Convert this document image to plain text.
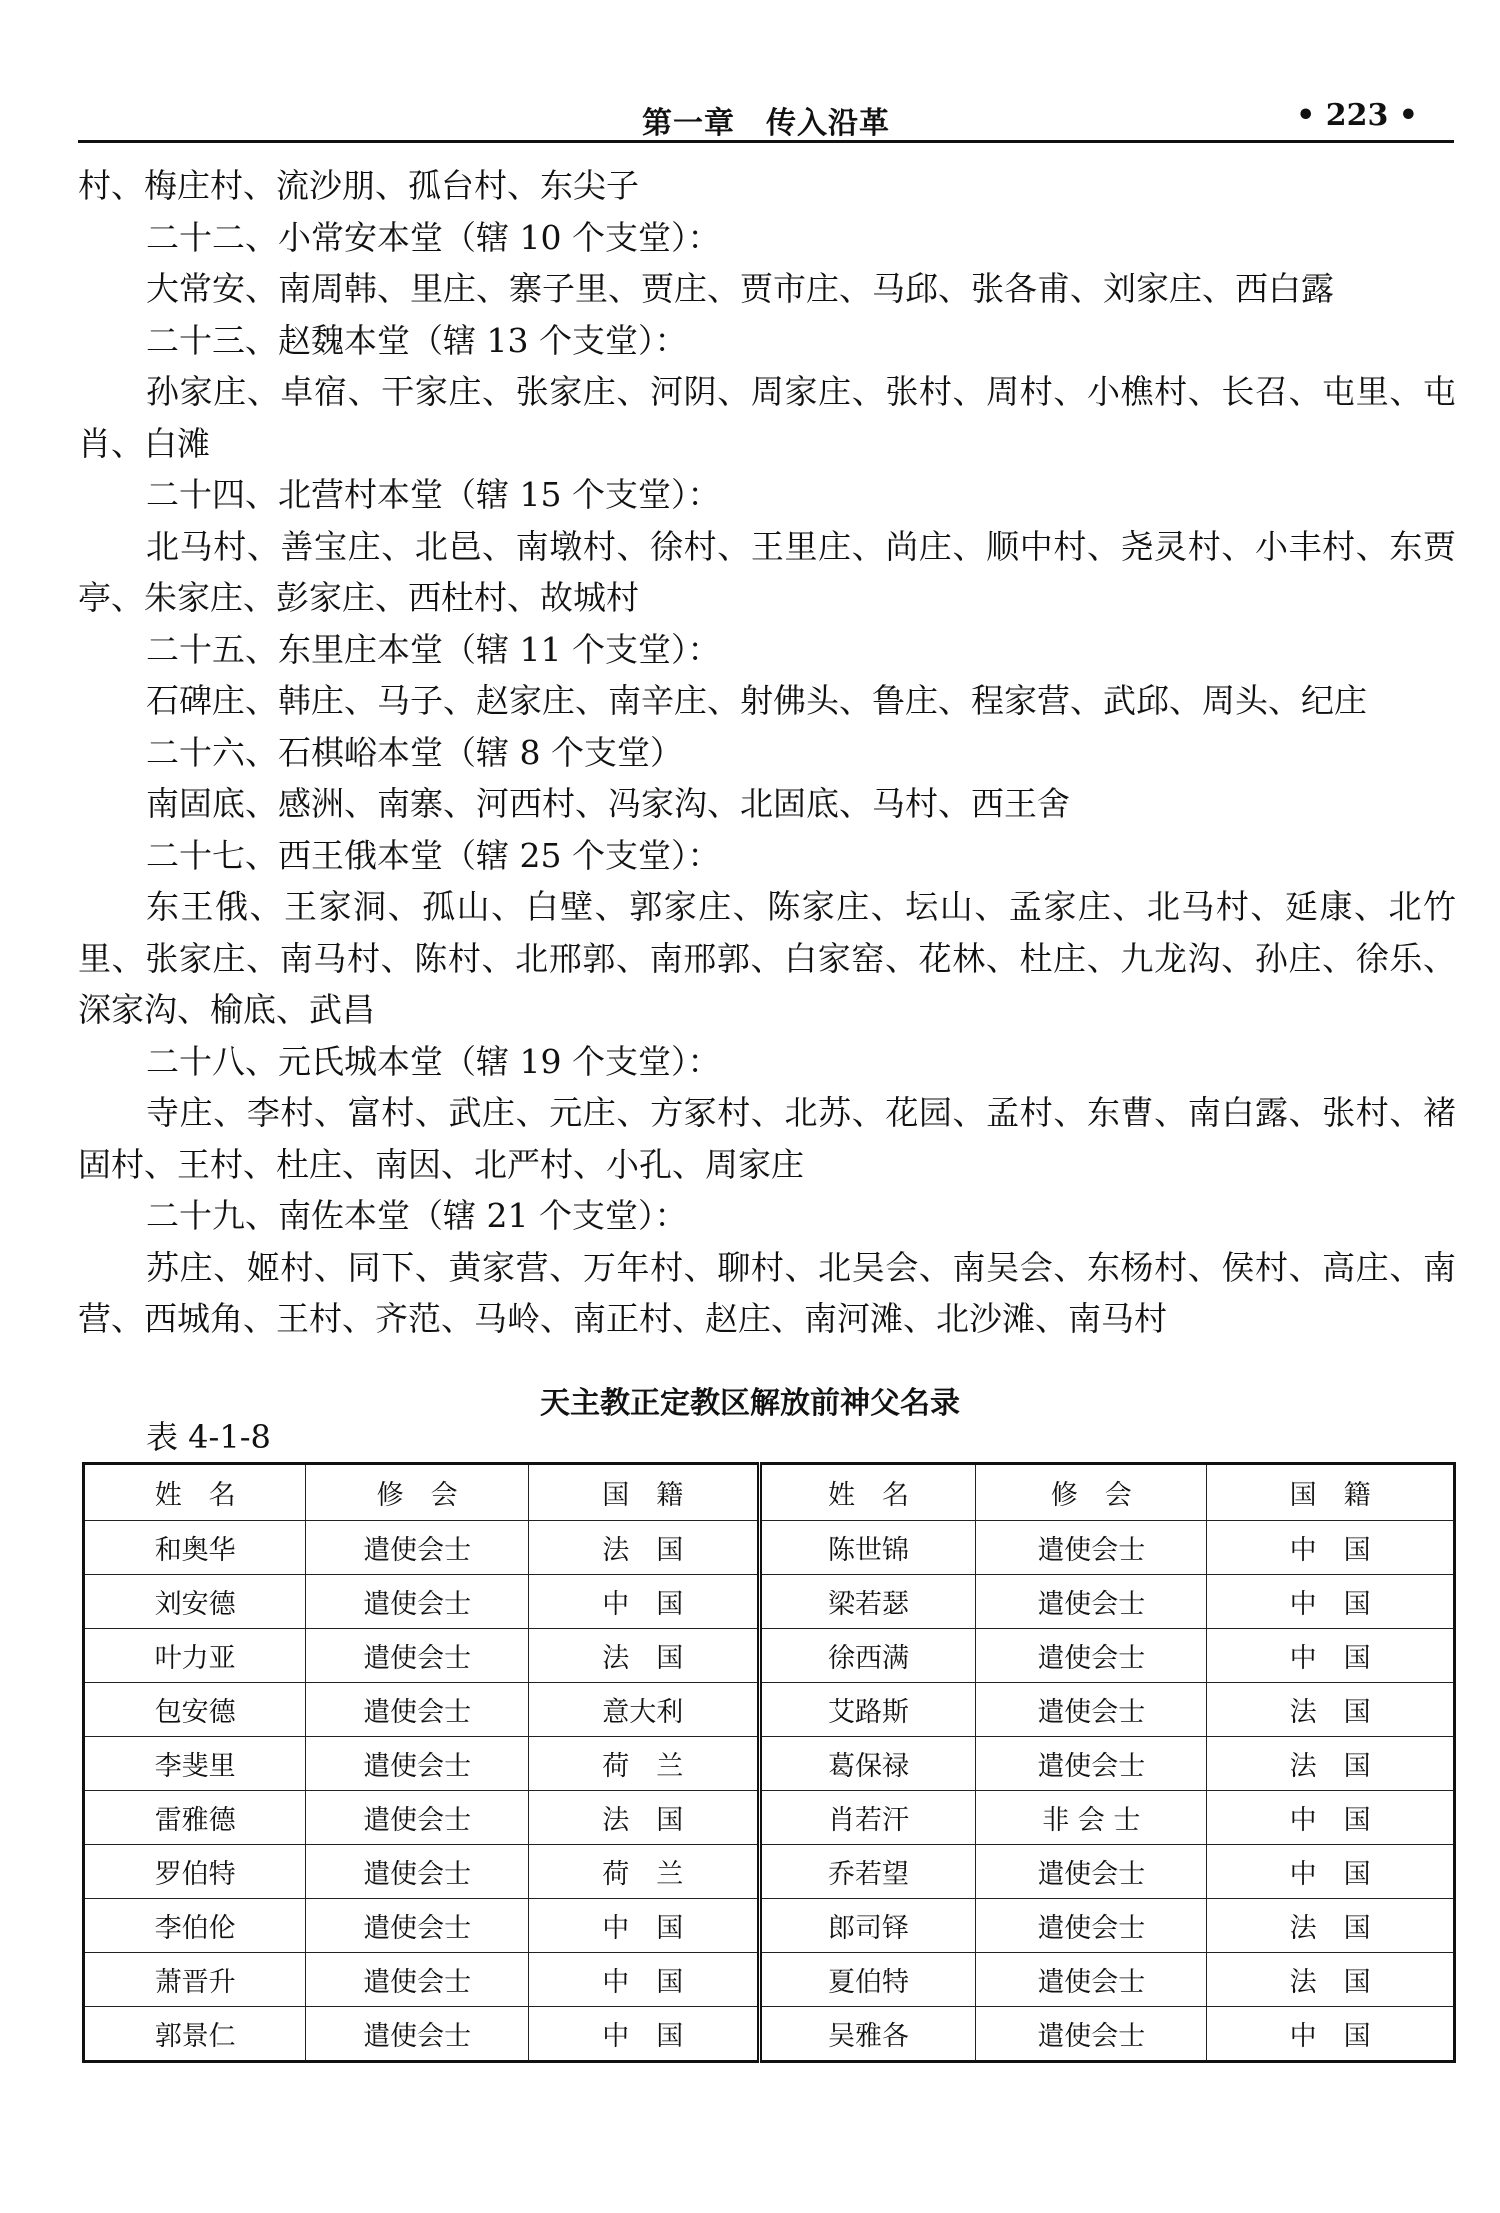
第一章　传入沿革	• 223 •

村、梅庄村、流沙朋、孤台村、东尖子

二十二、小常安本堂（辖 10 个支堂）：

大常安、南周韩、里庄、寨子里、贾庄、贾市庄、马邱、张各甫、刘家庄、西白露

二十三、赵魏本堂（辖 13 个支堂）：

孙家庄、卓宿、干家庄、张家庄、河阴、周家庄、张村、周村、小樵村、长召、屯里、屯肖、白滩

二十四、北营村本堂（辖 15 个支堂）：

北马村、善宝庄、北邑、南墩村、徐村、王里庄、尚庄、顺中村、尧灵村、小丰村、东贾亭、朱家庄、彭家庄、西杜村、故城村

二十五、东里庄本堂（辖 11 个支堂）：

石碑庄、韩庄、马子、赵家庄、南辛庄、射佛头、鲁庄、程家营、武邱、周头、纪庄

二十六、石棋峪本堂（辖 8 个支堂）

南固底、感洲、南寨、河西村、冯家沟、北固底、马村、西王舍

二十七、西王俄本堂（辖 25 个支堂）：

东王俄、王家洞、孤山、白壁、郭家庄、陈家庄、坛山、孟家庄、北马村、延康、北竹里、张家庄、南马村、陈村、北邢郭、南邢郭、白家窑、花林、杜庄、九龙沟、孙庄、徐乐、深家沟、榆底、武昌

二十八、元氏城本堂（辖 19 个支堂）：

寺庄、李村、富村、武庄、元庄、方冢村、北苏、花园、孟村、东曹、南白露、张村、褚固村、王村、杜庄、南因、北严村、小孔、周家庄

二十九、南佐本堂（辖 21 个支堂）：

苏庄、姬村、同下、黄家营、万年村、聊村、北吴会、南吴会、东杨村、侯村、高庄、南营、西城角、王村、齐范、马岭、南正村、赵庄、南河滩、北沙滩、南马村

天主教正定教区解放前神父名录
表 4-1-8
姓　名	修　会	国　籍	姓　名	修　会	国　籍
和奥华	遣使会士	法　国	陈世锦	遣使会士	中　国
刘安德	遣使会士	中　国	梁若瑟	遣使会士	中　国
叶力亚	遣使会士	法　国	徐西满	遣使会士	中　国
包安德	遣使会士	意大利	艾路斯	遣使会士	法　国
李斐里	遣使会士	荷　兰	葛保禄	遣使会士	法　国
雷雅德	遣使会士	法　国	肖若汗	非 会 士	中　国
罗伯特	遣使会士	荷　兰	乔若望	遣使会士	中　国
李伯伦	遣使会士	中　国	郎司铎	遣使会士	法　国
萧晋升	遣使会士	中　国	夏伯特	遣使会士	法　国
郭景仁	遣使会士	中　国	吴雅各	遣使会士	中　国
